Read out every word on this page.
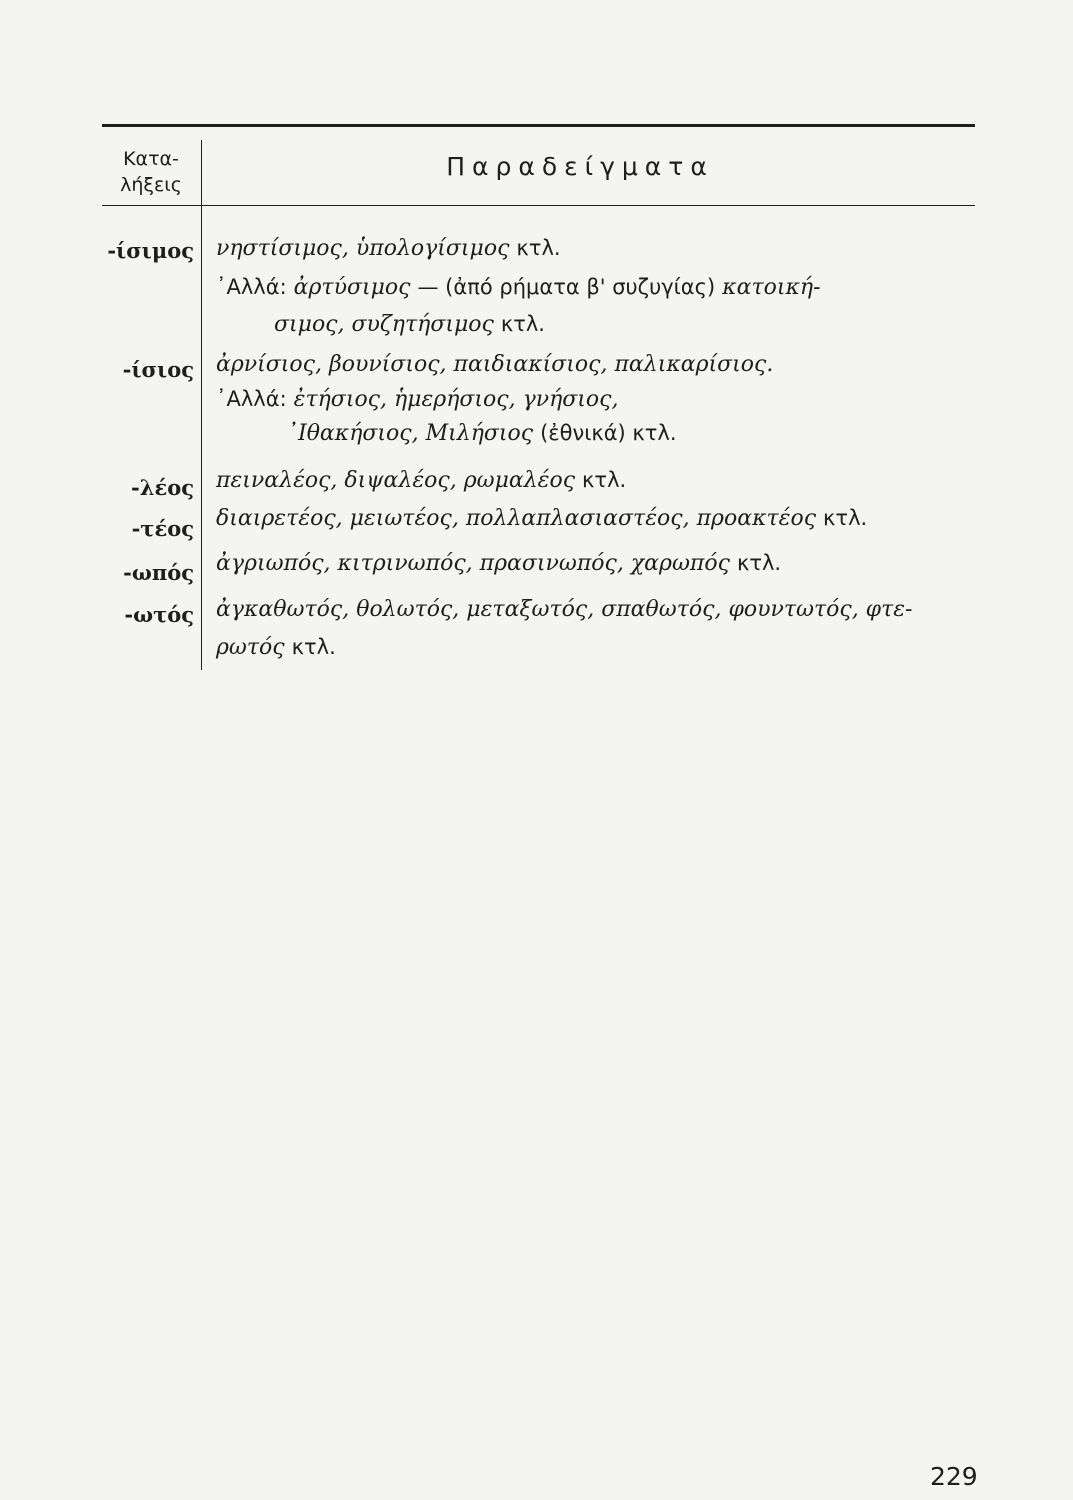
Κατα-
λήξεις
Παραδείγματα
-ίσιμος νηστίσιμος, ὑπολογίσιμος κτλ.
᾿Αλλά: ἀρτύσιμος — (ἀπό ρήματα β' συζυγίας) κατοική-
σιμος, συζητήσιμος κτλ.
-ίσιος ἀρνίσιος, βουνίσιος, παιδιακίσιος, παλικαρίσιος.
᾿Αλλά: ἐτήσιος, ἡμερήσιος, γνήσιος,
᾿Ιθακήσιος, Μιλήσιος (ἐθνικά) κτλ.
-λέος πειναλέος, διψαλέος, ρωμαλέος κτλ.
-τέος διαιρετέος, μειωτέος, πολλαπλασιαστέος, προακτέος κτλ.
-ωπός ἀγριωπός, κιτρινωπός, πρασινωπός, χαρωπός κτλ.
-ωτός ἀγκαθωτός, θολωτός, μεταξωτός, σπαθωτός, φουντωτός, φτε-
ρωτός κτλ.
229
